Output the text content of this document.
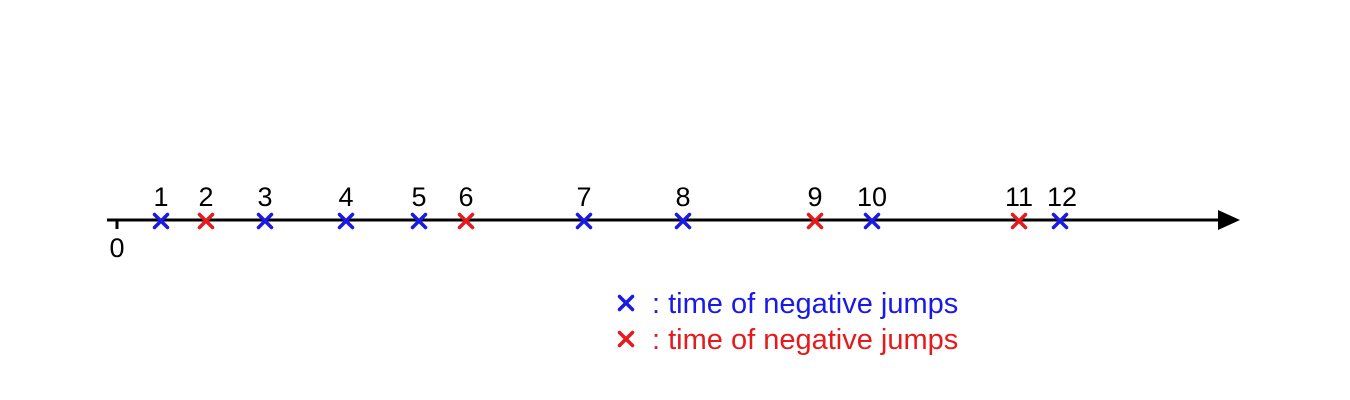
0
1 2 3 4 5 6	7	8	9 10	11 12
: time of negative jumps
: time of negative jumps
